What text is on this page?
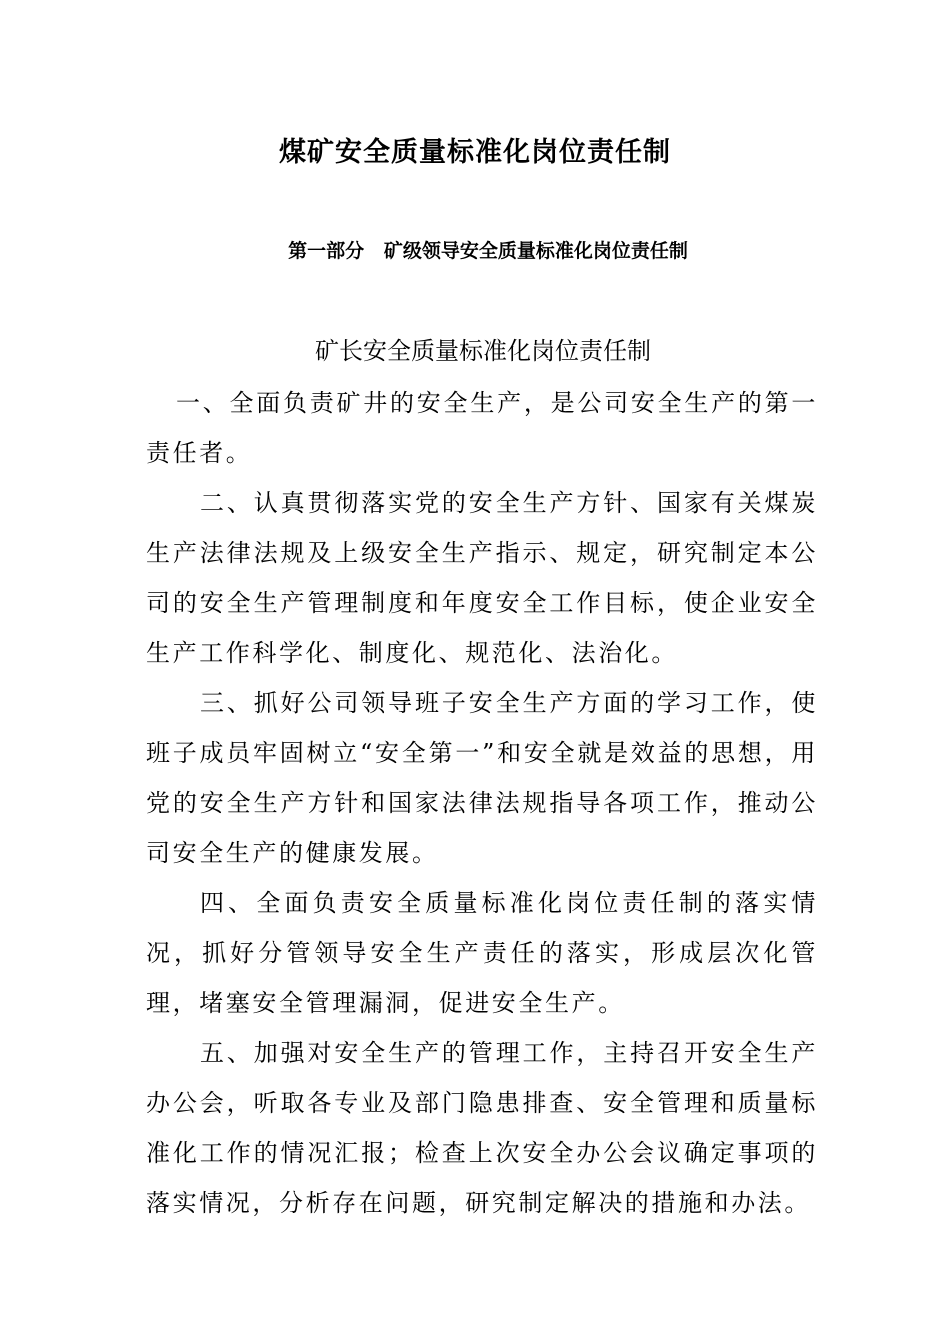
煤矿安全质量标准化岗位责任制
第一部分   矿级领导安全质量标准化岗位责任制
矿长安全质量标准化岗位责任制

一、全面负责矿井的安全生产，是公司安全生产的第一责任者。

二、认真贯彻落实党的安全生产方针、国家有关煤炭生产法律法规及上级安全生产指示、规定，研究制定本公司的安全生产管理制度和年度安全工作目标，使企业安全生产工作科学化、制度化、规范化、法治化。

三、抓好公司领导班子安全生产方面的学习工作，使班子成员牢固树立“安全第一”和安全就是效益的思想，用党的安全生产方针和国家法律法规指导各项工作，推动公司安全生产的健康发展。

四、全面负责安全质量标准化岗位责任制的落实情况，抓好分管领导安全生产责任的落实，形成层次化管理，堵塞安全管理漏洞，促进安全生产。

五、加强对安全生产的管理工作，主持召开安全生产办公会，听取各专业及部门隐患排查、安全管理和质量标准化工作的情况汇报；检查上次安全办公会议确定事项的落实情况，分析存在问题，研究制定解决的措施和办法。
